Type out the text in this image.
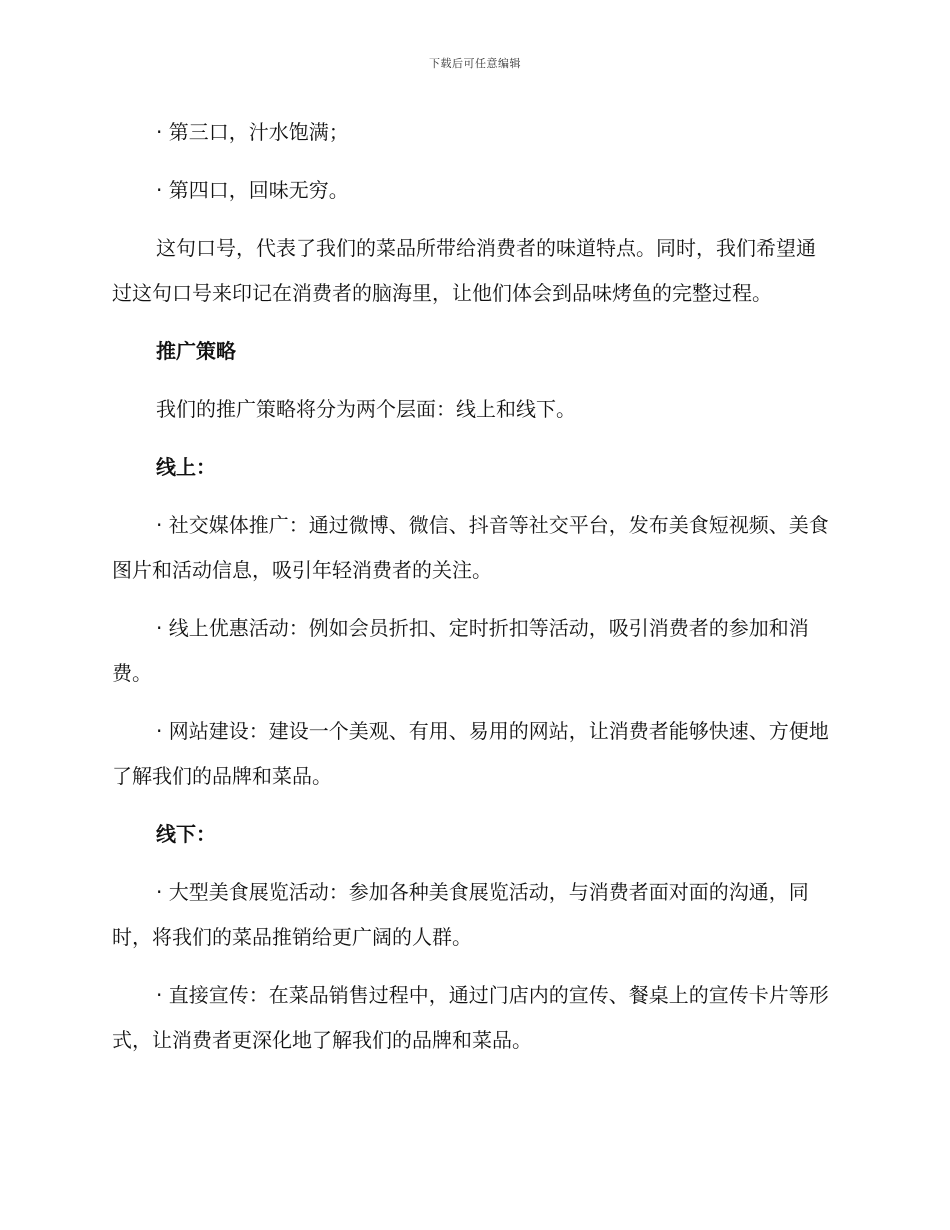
下载后可任意编辑

· 第三口，汁水饱满；

· 第四口，回味无穷。

这句口号，代表了我们的菜品所带给消费者的味道特点。同时，我们希望通过这句口号来印记在消费者的脑海里，让他们体会到品味烤鱼的完整过程。

推广策略

我们的推广策略将分为两个层面：线上和线下。

线上：

· 社交媒体推广：通过微博、微信、抖音等社交平台，发布美食短视频、美食图片和活动信息，吸引年轻消费者的关注。

· 线上优惠活动：例如会员折扣、定时折扣等活动，吸引消费者的参加和消费。

· 网站建设：建设一个美观、有用、易用的网站，让消费者能够快速、方便地了解我们的品牌和菜品。

线下：

· 大型美食展览活动：参加各种美食展览活动，与消费者面对面的沟通，同时，将我们的菜品推销给更广阔的人群。

· 直接宣传：在菜品销售过程中，通过门店内的宣传、餐桌上的宣传卡片等形式，让消费者更深化地了解我们的品牌和菜品。
